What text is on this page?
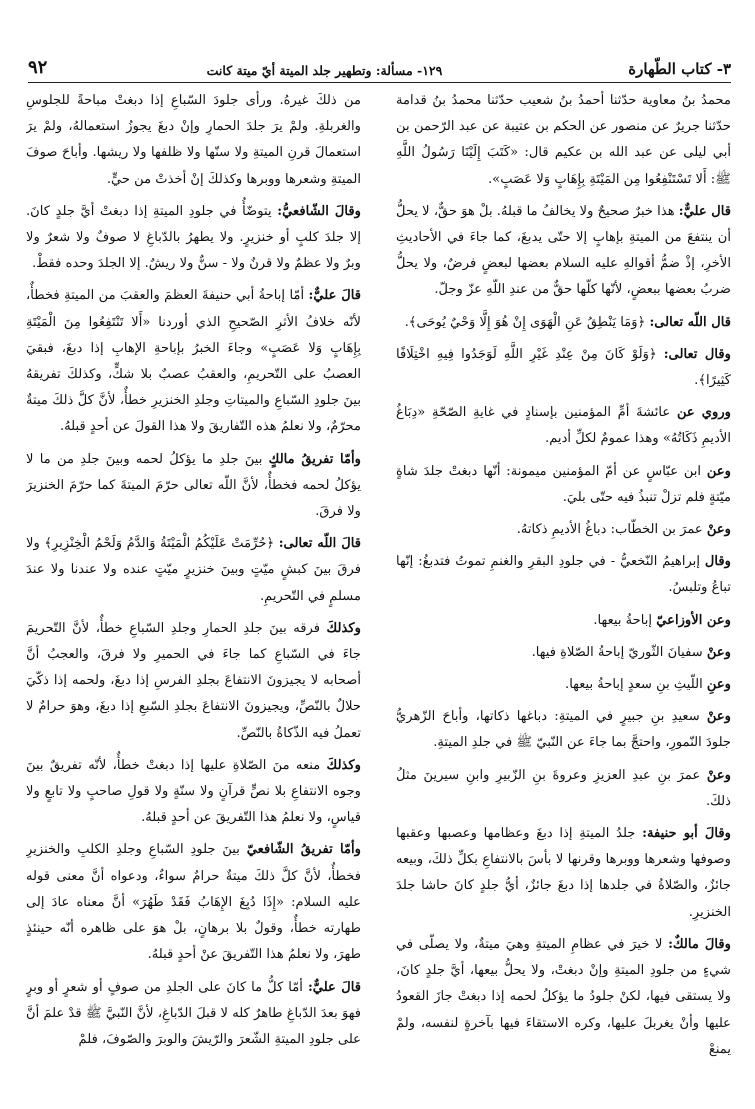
٩٢	١٢٩- مسألة: وتطهير جلد الميتة أيّ ميتة كانت	٣- كتاب الطّهارة

محمدُ بنُ معاوية حدّثنا أحمدُ بنُ شعيب حدّثنا محمدُ بنُ قدامة حدّثنا جريرٌ عن منصور عن الحكم بن عتيبة عن عبد الرّحمن بن أبي ليلى عن عبد الله بن عكيم قال: «كَتَبَ إِلَيْنَا رَسُولُ اللَّهِ ﷺ: أَلا تَسْتَنْفِعُوا مِن المَيْتَةِ بِإِهَابٍ وَلا عَصَبٍ».

قال عليٌّ: هذا خبرٌ صحيحٌ ولا يخالفُ ما قبلهُ. بلْ هوَ حقٌّ، لا يحلُّ أن ينتفعَ من الميتةِ بإهابٍ إلا حتّى يدبغَ، كما جاءَ في الأحاديثِ الأخرِ، إذْ ضمُّ أقوالهِ عليه السلام بعضها لبعضٍ فرضٌ، ولا يحلُّ ضربُ بعضها ببعضٍ، لأنّها كلّها حقٌّ من عندِ اللّهِ عزّ وجلّ.

قال اللّه تعالى: ﴿وَمَا يَنْطِقُ عَنِ الْهَوَى إِنْ هُوَ إِلَّا وَحْيٌ يُوحَى﴾.

وقال تعالى: ﴿وَلَوْ كَانَ مِنْ عِنْدِ غَيْرِ اللَّهِ لَوَجَدُوا فِيهِ اخْتِلَافًا كَثِيرًا﴾.

وروي عن عائشةَ أمِّ المؤمنين بإسنادٍ في غايةِ الصّحّةِ «دِبَاغُ الأديمِ ذَكَاتُهُ» وهذا عمومٌ لكلِّ أديم.

وعن ابن عبّاسٍ عن أمّ المؤمنين ميمونة: أنّها دبغتْ جلدَ شاةٍ ميّتةٍ فلم تزلْ تنبذُ فيه حتّى بليَ.

وعنْ عمرَ بن الخطّاب: دباغُ الأديمِ ذكاتهُ.

وقال إبراهيمُ النّخعيُّ - في جلودِ البقرِ والغنمِ تموتُ فتدبغُ: إنّها تباعُ وتلبسُ.

وعن الأوزاعيّ إباحةُ بيعها.

وعنْ سفيانَ الثّوريّ إباحةُ الصّلاةِ فيها.

وعنِ اللّيثِ بنِ سعدٍ إباحةُ بيعها.

وعنْ سعيدِ بنِ جبيرٍ في الميتةِ: دباغها ذكاتها، وأباحَ الزّهريُّ جلودَ النّمورِ، واحتجَّ بما جاءَ عن النّبيّ ﷺ في جلدِ الميتةِ.

وعنْ عمرَ بنِ عبدِ العزيزِ وعروةَ بنِ الزّبيرِ وابنِ سيرينَ مثلُ ذلكَ.

وقالَ أبو حنيفة: جلدُ الميتةِ إذا دبغَ وعظامها وعصبها وعقبها وصوفها وشعرها ووبرها وقرنها لا بأسَ بالانتفاعِ بكلِّ ذلكَ، وبيعه جائزٌ، والصّلاةُ في جلدها إذا دبغَ جائزٌ، أيُّ جلدٍ كانَ حاشا جلدَ الخنزيرِ.

وقالَ مالكٌ: لا خيرَ في عظامِ الميتةِ وهيَ ميتةٌ، ولا يصلّى في شيءٍ من جلودِ الميتةِ وإنْ دبغتْ، ولا يحلُّ بيعها، أيَّ جلدٍ كانَ، ولا يستقى فيها، لكنْ جلودُ ما يؤكلُ لحمه إذا دبغتْ جازَ القعودُ عليها وأنْ يغربلَ عليها، وكره الاستقاءَ فيها بآخرةٍ لنفسه، ولمْ يمنعْ

من ذلكَ غيرهُ. ورأى جلودَ السّباعِ إذا دبغتْ مباحةً للجلوسِ والغربلةِ. ولمْ يرَ جلدَ الحمارِ وإنْ دبغَ يجوزُ استعمالهُ، ولمْ يرَ استعمالَ قرنِ الميتةِ ولا سنّها ولا ظلفها ولا ريشها. وأباحَ صوفَ الميتةِ وشعرها ووبرها وكذلكَ إنْ أخذتْ من حيٍّ.

وقالَ الشّافعيُّ: يتوضّأُ في جلودِ الميتةِ إذا دبغتْ أيَّ جلدٍ كانَ. إلا جلدَ كلبٍ أو خنزيرٍ. ولا يطهرُ بالدّباغِ لا صوفٌ ولا شعرٌ ولا وبرٌ ولا عظمٌ ولا قرنٌ ولا - سنٌّ ولا ريشٌ. إلا الجلدَ وحده فقطْ.

قالَ عليٌّ: أمّا إباحةُ أبي حنيفةَ العظمَ والعقبَ من الميتةِ فخطأٌ، لأنّه خلافُ الأثرِ الصّحيحِ الذي أوردنا «أَلا تَنْتَفِعُوا مِنَ الْمَيْتَةِ بِإِهَابٍ وَلا عَصَبٍ» وجاءَ الخبرُ بإباحةِ الإهابِ إذا دبغَ، فبقيَ العصبُ على التّحريمِ، والعقبُ عصبٌ بلا شكٍّ، وكذلكَ تفريقهُ بينَ جلودِ السّباعِ والميتاتِ وجلدِ الخنزيرِ خطأٌ، لأنَّ كلَّ ذلكَ ميتةٌ محرّمٌ، ولا نعلمُ هذه التّفاريقَ ولا هذا القولَ عن أحدٍ قبلهُ.

وأمّا تفريقُ مالكٍ بينَ جلدِ ما يؤكلُ لحمه وبينَ جلدِ من ما لا يؤكلُ لحمه فخطأٌ، لأنَّ اللّه تعالى حرّمَ الميتةَ كما حرّمَ الخنزيرَ ولا فرقَ.

قالَ اللّه تعالى: ﴿حُرِّمَتْ عَلَيْكُمُ الْمَيْتَةُ وَالدَّمُ وَلَحْمُ الْخِنْزِيرِ﴾ ولا فرقَ بينَ كبشٍ ميّتٍ وبينَ خنزيرٍ ميّتٍ عنده ولا عندنا ولا عندَ مسلمٍ في التّحريمِ.

وكذلكَ فرقه بينَ جلدِ الحمارِ وجلدِ السّباعِ خطأٌ، لأنَّ التّحريمَ جاءَ في السّباعِ كما جاءَ في الحميرِ ولا فرقَ، والعجبُ أنَّ أصحابه لا يجيزونَ الانتفاعَ بجلدِ الفرسِ إذا دبغَ، ولحمه إذا ذكّيَ حلالٌ بالنّصِّ، ويجيزونَ الانتفاعَ بجلدِ السّبعِ إذا دبغَ، وهوَ حرامٌ لا تعملُ فيه الذّكاةُ بالنّصِّ.

وكذلكَ منعه منَ الصّلاةِ عليها إذا دبغتْ خطأٌ، لأنّه تفريقٌ بينَ وجوه الانتفاعِ بلا نصٍّ قرآنٍ ولا سنّةٍ ولا قولِ صاحبٍ ولا تابعٍ ولا قياسٍ، ولا نعلمُ هذا التّفريقَ عن أحدٍ قبلهُ.

وأمّا تفريقُ الشّافعيّ بينَ جلودِ السّباعِ وجلدِ الكلبِ والخنزيرِ فخطأٌ، لأنَّ كلَّ ذلكَ ميتةٌ حرامٌ سواءٌ، ودعواه أنَّ معنى قوله عليه السلام: «إِذَا دُبِغَ الإِهَابُ فَقَدْ طَهُرَ» أنَّ معناه عادَ إلى طهارته خطأٌ، وقولٌ بلا برهانٍ، بلْ هوَ على ظاهره أنّه حينئذٍ طهرَ، ولا نعلمُ هذا التّفريقَ عنْ أحدٍ قبلهُ.

قالَ عليٌّ: أمّا كلُّ ما كانَ على الجلدِ من صوفٍ أو شعرٍ أو وبرٍ فهوَ بعدَ الدّباغِ طاهرٌ كله لا قبلَ الدّباغِ، لأنَّ النّبيَّ ﷺ قدْ علمَ أنَّ على جلودِ الميتةِ الشّعرَ والرّيشَ والوبرَ والصّوفَ، فلمْ
